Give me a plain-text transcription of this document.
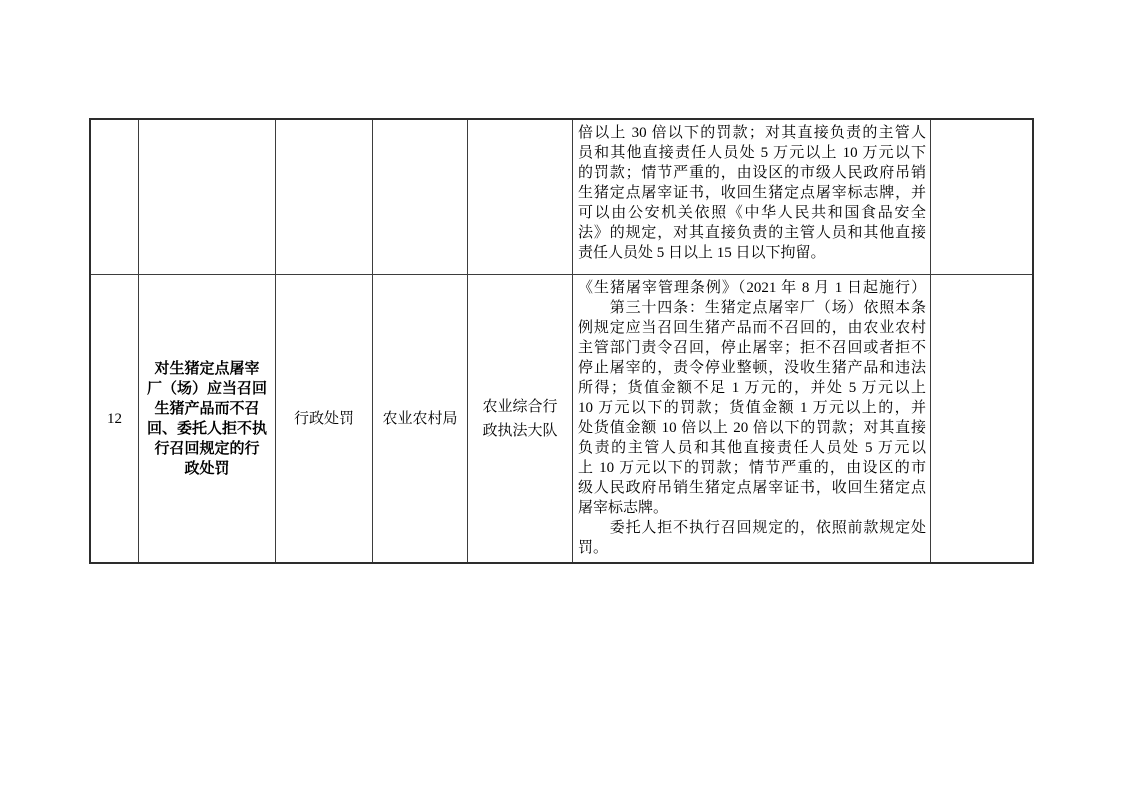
倍以上 30 倍以下的罚款；对其直接负责的主管人
员和其他直接责任人员处 5 万元以上 10 万元以下
的罚款；情节严重的，由设区的市级人民政府吊销
生猪定点屠宰证书，收回生猪定点屠宰标志牌，并
可以由公安机关依照《中华人民共和国食品安全
法》的规定，对其直接负责的主管人员和其他直接
责任人员处 5 日以上 15 日以下拘留。
12
对生猪定点屠宰
厂（场）应当召回
生猪产品而不召
回、委托人拒不执
行召回规定的行
政处罚
行政处罚 农业农村局
农业综合行
政执法大队
《生猪屠宰管理条例》（2021 年 8 月 1 日起施行）
　　第三十四条：生猪定点屠宰厂（场）依照本条
例规定应当召回生猪产品而不召回的，由农业农村
主管部门责令召回，停止屠宰；拒不召回或者拒不
停止屠宰的，责令停业整顿，没收生猪产品和违法
所得；货值金额不足 1 万元的，并处 5 万元以上
10 万元以下的罚款；货值金额 1 万元以上的，并
处货值金额 10 倍以上 20 倍以下的罚款；对其直接
负责的主管人员和其他直接责任人员处 5 万元以
上 10 万元以下的罚款；情节严重的，由设区的市
级人民政府吊销生猪定点屠宰证书，收回生猪定点
屠宰标志牌。
　　委托人拒不执行召回规定的，依照前款规定处
罚。
